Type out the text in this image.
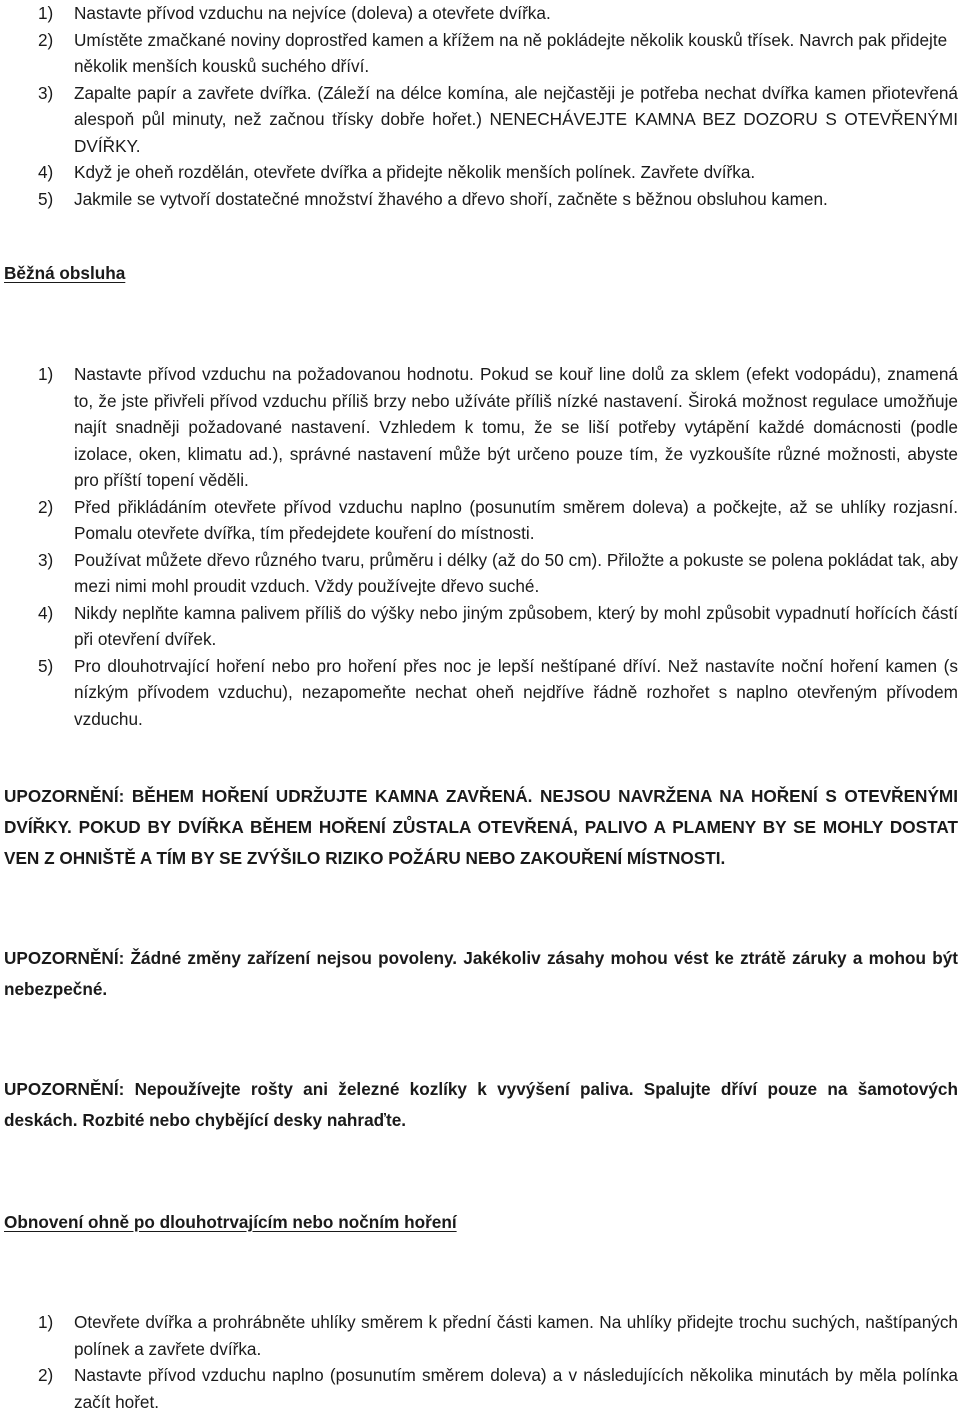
1) Nastavte přívod vzduchu na nejvíce (doleva) a otevřete dvířka.
2) Umístěte zmačkané noviny doprostřed kamen a křížem na ně pokládejte několik kousků třísek. Navrch pak přidejte několik menších kousků suchého dříví.
3) Zapalte papír a zavřete dvířka. (Záleží na délce komína, ale nejčastěji je potřeba nechat dvířka kamen přiotevřená alespoň půl minuty, než začnou třísky dobře hořet.) NENECHÁVEJTE KAMNA BEZ DOZORU S OTEVŘENÝMI DVÍŘKY.
4) Když je oheň rozdělán, otevřete dvířka a přidejte několik menších polínek. Zavřete dvířka.
5) Jakmile se vytvoří dostatečné množství žhavého a dřevo shoří, začněte s běžnou obsluhou kamen.
Běžná obsluha
1) Nastavte přívod vzduchu na požadovanou hodnotu. Pokud se kouř line dolů za sklem (efekt vodopádu), znamená to, že jste přivřeli přívod vzduchu příliš brzy nebo užíváte příliš nízké nastavení. Široká možnost regulace umožňuje najít snadněji požadované nastavení. Vzhledem k tomu, že se liší potřeby vytápění každé domácnosti (podle izolace, oken, klimatu ad.), správné nastavení může být určeno pouze tím, že vyzkoušíte různé možnosti, abyste pro příští topení věděli.
2) Před přikládáním otevřete přívod vzduchu naplno (posunutím směrem doleva) a počkejte, až se uhlíky rozjasní. Pomalu otevřete dvířka, tím předejdete kouření do místnosti.
3) Používat můžete dřevo různého tvaru, průměru i délky (až do 50 cm). Přiložte a pokuste se polena pokládat tak, aby mezi nimi mohl proudit vzduch. Vždy používejte dřevo suché.
4) Nikdy neplňte kamna palivem příliš do výšky nebo jiným způsobem, který by mohl způsobit vypadnutí hořících částí při otevření dvířek.
5) Pro dlouhotrvající hoření nebo pro hoření přes noc je lepší neštípané dříví. Než nastavíte noční hoření kamen (s nízkým přívodem vzduchu), nezapomeňte nechat oheň nejdříve řádně rozhořet s naplno otevřeným přívodem vzduchu.
UPOZORNĚNÍ: BĚHEM HOŘENÍ UDRŽUJTE KAMNA ZAVŘENÁ. NEJSOU NAVRŽENA NA HOŘENÍ S OTEVŘENÝMI DVÍŘKY. POKUD BY DVÍŘKA BĚHEM HOŘENÍ ZŮSTALA OTEVŘENÁ, PALIVO A PLAMENY BY SE MOHLY DOSTAT VEN Z OHNIŠTĚ A TÍM BY SE ZVÝŠILO RIZIKO POŽÁRU NEBO ZAKOUŘENÍ MÍSTNOSTI.
UPOZORNĚNÍ: Žádné změny zařízení nejsou povoleny. Jakékoliv zásahy mohou vést ke ztrátě záruky a mohou být nebezpečné.
UPOZORNĚNÍ: Nepoužívejte rošty ani železné kozlíky k vyvýšení paliva. Spalujte dříví pouze na šamotových deskách. Rozbité nebo chybějící desky nahraďte.
Obnovení ohně po dlouhotrvajícím nebo nočním hoření
1) Otevřete dvířka a prohrábněte uhlíky směrem k přední části kamen. Na uhlíky přidejte trochu suchých, naštípaných polínek a zavřete dvířka.
2) Nastavte přívod vzduchu naplno (posunutím směrem doleva) a v následujících několika minutách by měla polínka začít hořet.
